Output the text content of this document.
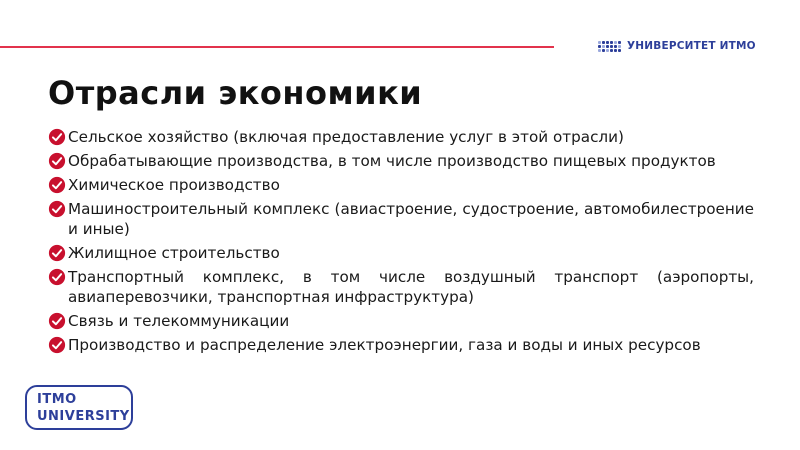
УНИВЕРСИТЕТ ИТМО
Отрасли экономики
Сельское хозяйство (включая предоставление услуг в этой отрасли)
Обрабатывающие производства, в том числе производство пищевых продуктов
Химическое производство
Машиностроительный комплекс (авиастроение, судостроение, автомобилестроение и иные)
Жилищное строительство
Транспортный комплекс, в том числе воздушный транспорт (аэропорты, авиаперевозчики, транспортная инфраструктура)
Связь и телекоммуникации
Производство и распределение электроэнергии, газа и воды и иных ресурсов
ITMO
UNIVERSITY
